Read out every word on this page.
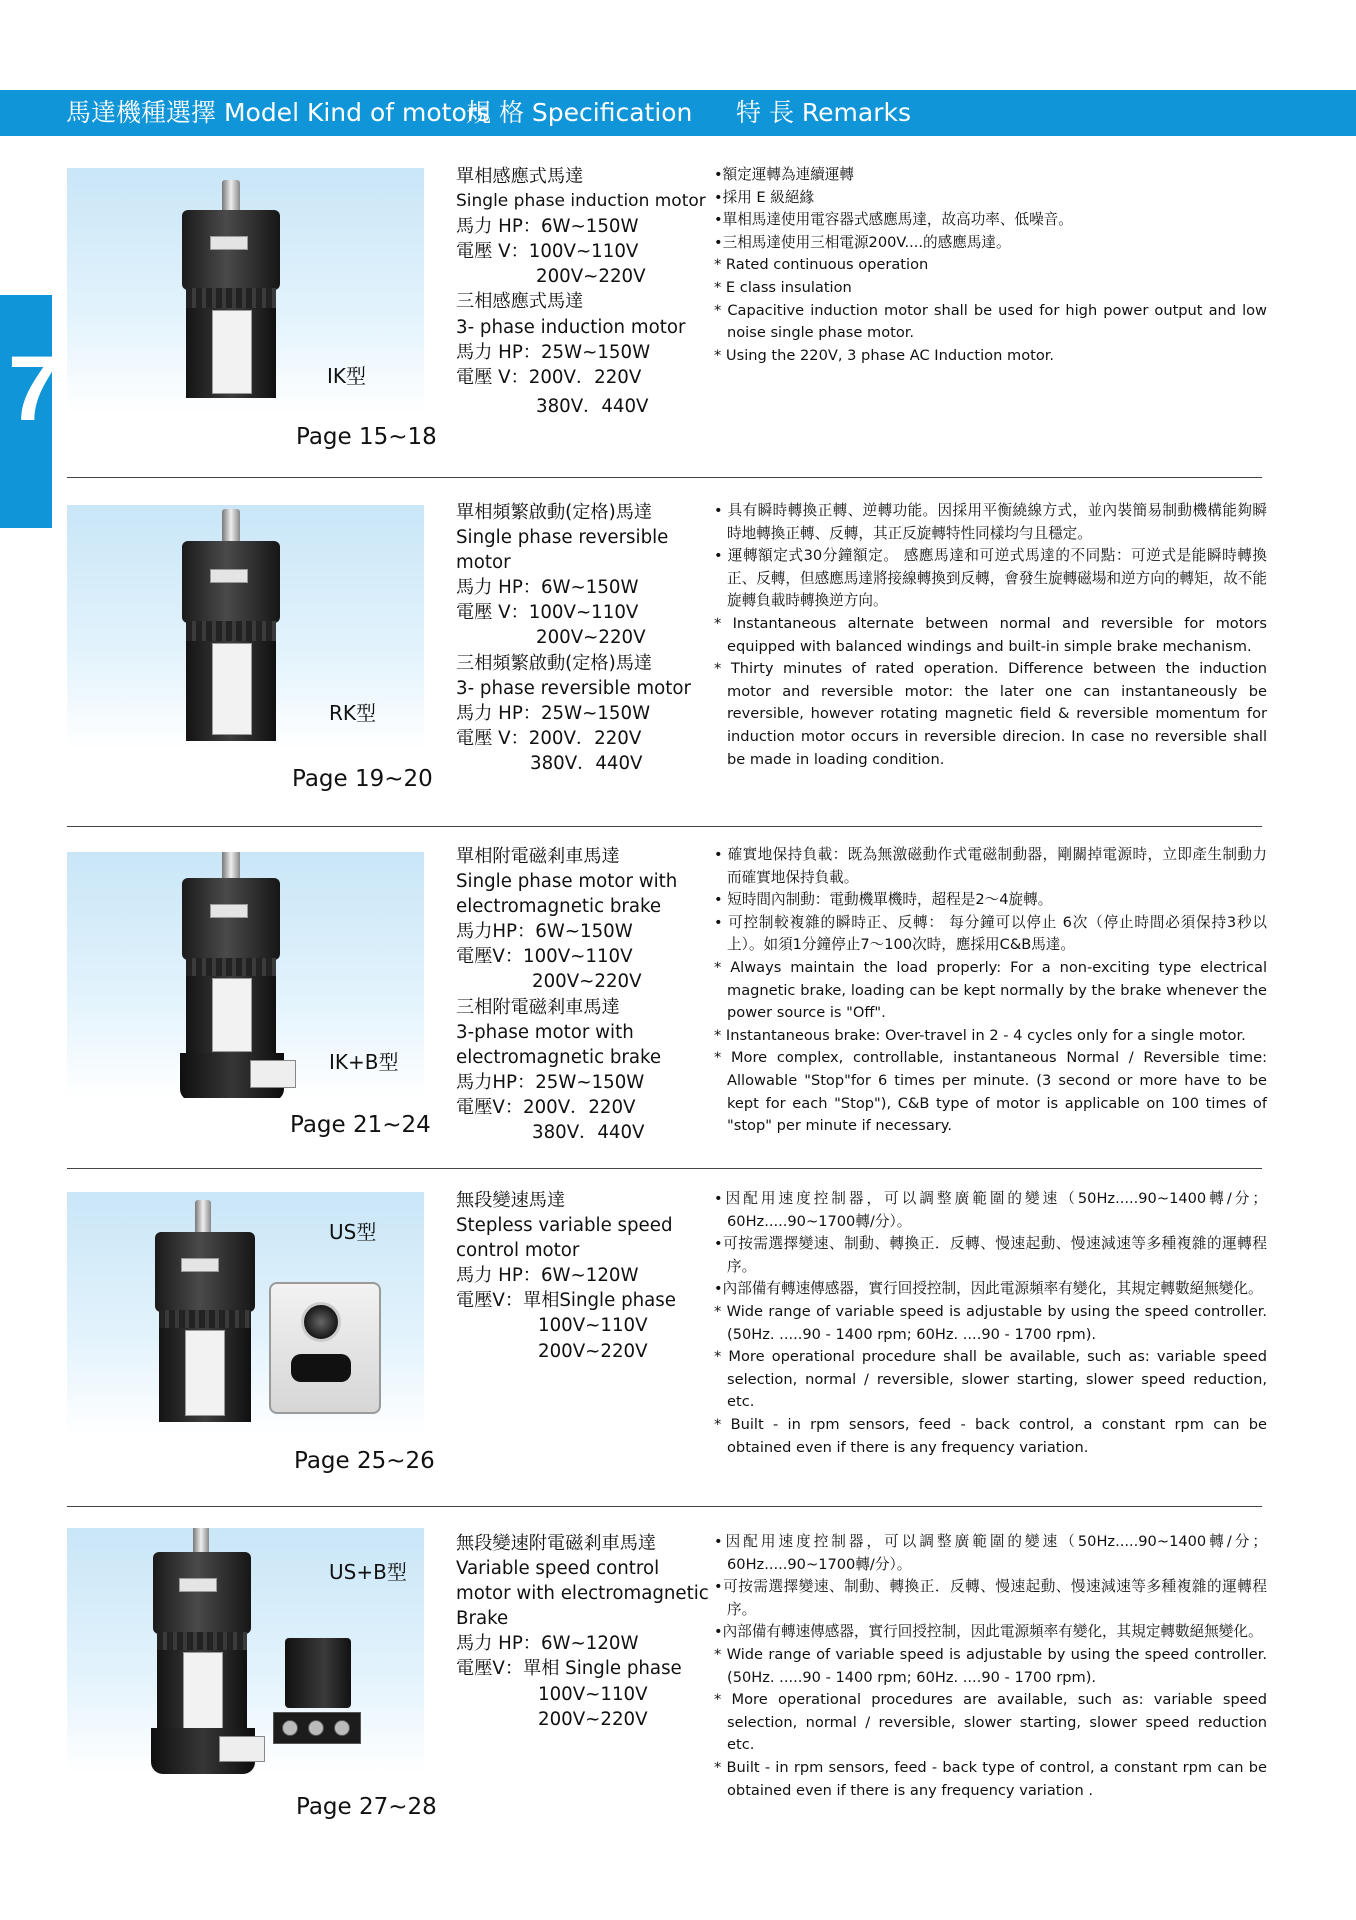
馬達機種選擇 Model Kind of motors
規 格 Specification 特 長 Remarks
7	IK型
Page 15~18
單相感應式馬達
Single phase induction motor
馬力 HP：6W~150W
電壓 V：100V~110V
200V~220V
三相感應式馬達
3- phase induction motor
馬力 HP：25W~150W
電壓 V：200V．220V
380V．440V
•額定運轉為連續運轉
•採用 E 級絕緣
•單相馬達使用電容器式感應馬達，故高功率、低噪音。
•三相馬達使用三相電源200V....的感應馬達。
* Rated continuous operation
* E class insulation
* Capacitive induction motor shall be used for high power output and low noise single phase motor.
* Using the 220V, 3 phase AC Induction motor.
RK型
Page 19~20
單相頻繁啟動(定格)馬達
Single phase reversible
motor
馬力 HP：6W~150W
電壓 V：100V~110V
200V~220V
三相頻繁啟動(定格)馬達
3- phase reversible motor
馬力 HP：25W~150W
電壓 V：200V．220V
380V．440V
• 具有瞬時轉換正轉、逆轉功能。因採用平衡繞線方式，並內裝簡易制動機構能夠瞬時地轉換正轉、反轉，其正反旋轉特性同樣均勻且穩定。
• 運轉額定式30分鐘額定。 感應馬達和可逆式馬達的不同點：可逆式是能瞬時轉換正、反轉，但感應馬達將接線轉換到反轉，會發生旋轉磁場和逆方向的轉矩，故不能旋轉負載時轉換逆方向。
* Instantaneous alternate between normal and reversible for motors equipped with balanced windings and built-in simple brake mechanism.
* Thirty minutes of rated operation. Difference between the induction motor and reversible motor: the later one can instantaneously be reversible, however rotating magnetic field & reversible momentum for induction motor occurs in reversible direcion. In case no reversible shall be made in loading condition.
IK+B型
Page 21~24
單相附電磁剎車馬達
Single phase motor with
electromagnetic brake
馬力HP：6W~150W
電壓V：100V~110V
200V~220V
三相附電磁剎車馬達
3-phase motor with
electromagnetic brake
馬力HP：25W~150W
電壓V：200V．220V
380V．440V
• 確實地保持負載：既為無激磁動作式電磁制動器，剛關掉電源時，立即產生制動力而確實地保持負載。
• 短時間內制動：電動機單機時，超程是2～4旋轉。
• 可控制較複雜的瞬時正、反轉： 每分鐘可以停止 6次（停止時間必須保持3秒以上）。如須1分鐘停止7～100次時，應採用C&B馬達。
* Always maintain the load properly: For a non-exciting type electrical magnetic brake, loading can be kept normally by the brake whenever the power source is "Off".
* Instantaneous brake: Over-travel in 2 - 4 cycles only for a single motor.
* More complex, controllable, instantaneous Normal / Reversible time: Allowable "Stop"for 6 times per minute. (3 second or more have to be kept for each "Stop"), C&B type of motor is applicable on 100 times of "stop" per minute if necessary.
US型
Page 25~26
無段變速馬達
Stepless variable speed
control motor
馬力 HP：6W~120W
電壓V：單相Single phase
100V~110V
200V~220V
•因配用速度控制器，可以調整廣範圍的變速（50Hz.....90~1400轉/分；60Hz.....90~1700轉/分）。
•可按需選擇變速、制動、轉換正．反轉、慢速起動、慢速減速等多種複雜的運轉程序。
•內部備有轉速傳感器，實行回授控制，因此電源頻率有變化，其規定轉數絕無變化。
* Wide range of variable speed is adjustable by using the speed controller. (50Hz. .....90 - 1400 rpm; 60Hz. ....90 - 1700 rpm).
* More operational procedure shall be available, such as: variable speed selection, normal / reversible, slower starting, slower speed reduction, etc.
* Built - in rpm sensors, feed - back control, a constant rpm can be obtained even if there is any frequency variation.
US+B型
Page 27~28
無段變速附電磁剎車馬達
Variable speed control
motor with electromagnetic
Brake
馬力 HP：6W~120W
電壓V：單相 Single phase
100V~110V
200V~220V
•因配用速度控制器，可以調整廣範圍的變速（50Hz.....90~1400轉/分；60Hz.....90~1700轉/分）。
•可按需選擇變速、制動、轉換正．反轉、慢速起動、慢速減速等多種複雜的運轉程序。
•內部備有轉速傳感器，實行回授控制，因此電源頻率有變化，其規定轉數絕無變化。
* Wide range of variable speed is adjustable by using the speed controller. (50Hz. .....90 - 1400 rpm; 60Hz. ....90 - 1700 rpm).
* More operational procedures are available, such as: variable speed selection, normal / reversible, slower starting, slower speed reduction etc.
* Built - in rpm sensors, feed - back type of control, a constant rpm can be obtained even if there is any frequency variation .
